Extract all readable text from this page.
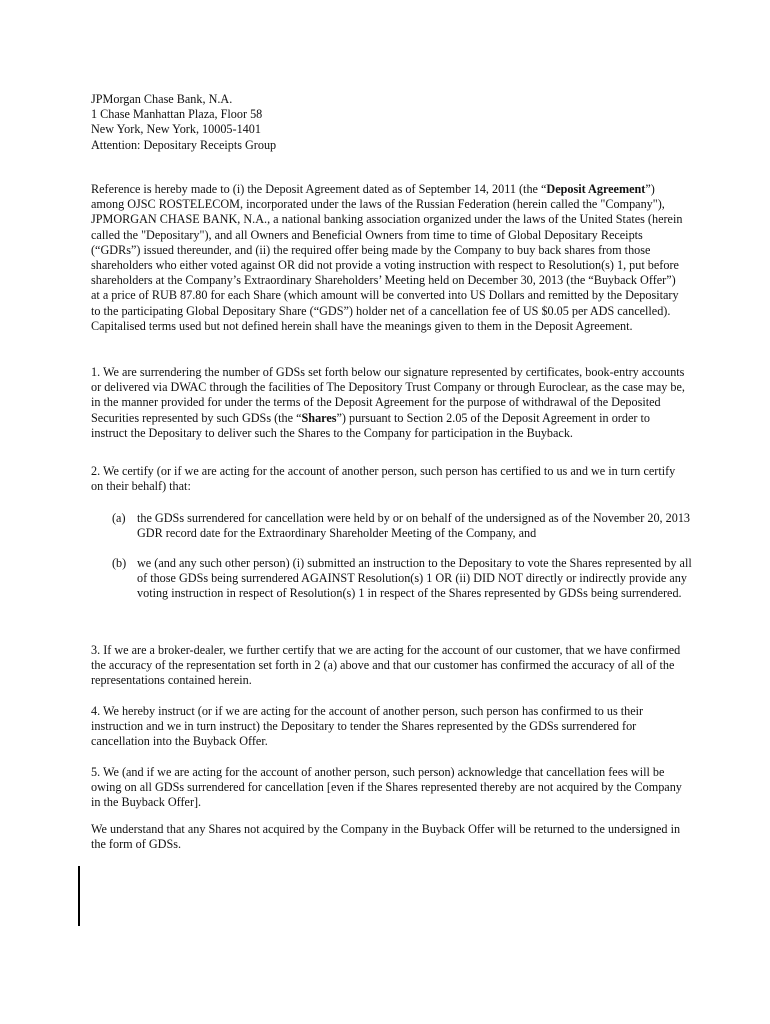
JPMorgan Chase Bank, N.A.
1 Chase Manhattan Plaza, Floor 58
New York, New York, 10005-1401
Attention: Depositary Receipts Group

Reference is hereby made to (i) the Deposit Agreement dated as of September 14, 2011 (the “Deposit Agreement”) among OJSC ROSTELECOM, incorporated under the laws of the Russian Federation (herein called the "Company"), JPMORGAN CHASE BANK, N.A., a national banking association organized under the laws of the United States (herein called the "Depositary"), and all Owners and Beneficial Owners from time to time of Global Depositary Receipts (“GDRs”) issued thereunder, and (ii) the required offer being made by the Company to buy back shares from those shareholders who either voted against OR did not provide a voting instruction with respect to Resolution(s) 1, put before shareholders at the Company’s Extraordinary Shareholders’ Meeting held on December 30, 2013 (the “Buyback Offer”) at a price of RUB 87.80 for each Share (which amount will be converted into US Dollars and remitted by the Depositary to the participating Global Depositary Share (“GDS”) holder net of a cancellation fee of US $0.05 per ADS cancelled). Capitalised terms used but not defined herein shall have the meanings given to them in the Deposit Agreement.

1. We are surrendering the number of GDSs set forth below our signature represented by certificates, book-entry accounts or delivered via DWAC through the facilities of The Depository Trust Company or through Euroclear, as the case may be, in the manner provided for under the terms of the Deposit Agreement for the purpose of withdrawal of the Deposited Securities represented by such GDSs (the “Shares”) pursuant to Section 2.05 of the Deposit Agreement in order to instruct the Depositary to deliver such the Shares to the Company for participation in the Buyback.

2. We certify (or if we are acting for the account of another person, such person has certified to us and we in turn certify on their behalf) that:

(a) the GDSs surrendered for cancellation were held by or on behalf of the undersigned as of the November 20, 2013 GDR record date for the Extraordinary Shareholder Meeting of the Company, and
(b) we (and any such other person) (i) submitted an instruction to the Depositary to vote the Shares represented by all of those GDSs being surrendered AGAINST Resolution(s) 1 OR (ii) DID NOT directly or indirectly provide any voting instruction in respect of Resolution(s) 1 in respect of the Shares represented by GDSs being surrendered.

3. If we are a broker-dealer, we further certify that we are acting for the account of our customer, that we have confirmed the accuracy of the representation set forth in 2 (a) above and that our customer has confirmed the accuracy of all of the representations contained herein.

4. We hereby instruct (or if we are acting for the account of another person, such person has confirmed to us their instruction and we in turn instruct) the Depositary to tender the Shares represented by the GDSs surrendered for cancellation into the Buyback Offer.

5. We (and if we are acting for the account of another person, such person) acknowledge that cancellation fees will be owing on all GDSs surrendered for cancellation [even if the Shares represented thereby are not acquired by the Company in the Buyback Offer].

We understand that any Shares not acquired by the Company in the Buyback Offer will be returned to the undersigned in the form of GDSs.
